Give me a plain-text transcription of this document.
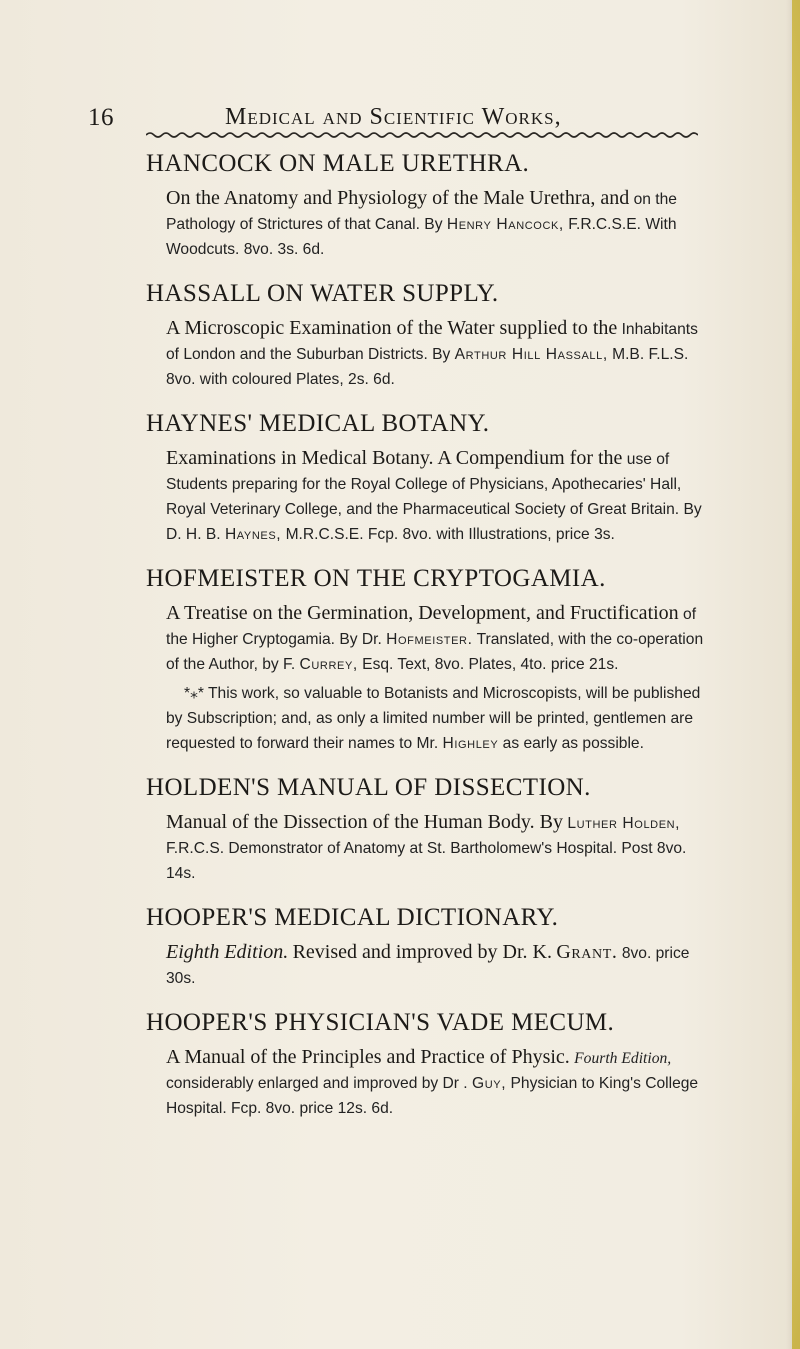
16	Medical and Scientific Works,
HANCOCK ON MALE URETHRA.
On the Anatomy and Physiology of the Male Urethra, and on the Pathology of Strictures of that Canal. By Henry Hancock, F.R.C.S.E. With Woodcuts. 8vo. 3s. 6d.
HASSALL ON WATER SUPPLY.
A Microscopic Examination of the Water supplied to the Inhabitants of London and the Suburban Districts. By Arthur Hill Hassall, M.B. F.L.S. 8vo. with coloured Plates, 2s. 6d.
HAYNES' MEDICAL BOTANY.
Examinations in Medical Botany. A Compendium for the use of Students preparing for the Royal College of Physicians, Apothecaries' Hall, Royal Veterinary College, and the Pharmaceutical Society of Great Britain. By D. H. B. Haynes, M.R.C.S.E. Fcp. 8vo. with Illustrations, price 3s.
HOFMEISTER ON THE CRYPTOGAMIA.
A Treatise on the Germination, Development, and Fructification of the Higher Cryptogamia. By Dr. Hofmeister. Translated, with the co-operation of the Author, by F. Currey, Esq. Text, 8vo. Plates, 4to. price 21s.
*⁎* This work, so valuable to Botanists and Microscopists, will be published by Subscription; and, as only a limited number will be printed, gentlemen are requested to forward their names to Mr. Highley as early as possible.
HOLDEN'S MANUAL OF DISSECTION.
Manual of the Dissection of the Human Body. By Luther Holden, F.R.C.S. Demonstrator of Anatomy at St. Bartholomew's Hospital. Post 8vo. 14s.
HOOPER'S MEDICAL DICTIONARY.
Eighth Edition. Revised and improved by Dr. K. Grant. 8vo. price 30s.
HOOPER'S PHYSICIAN'S VADE MECUM.
A Manual of the Principles and Practice of Physic. Fourth Edition, considerably enlarged and improved by Dr . Guy, Physician to King's College Hospital. Fcp. 8vo. price 12s. 6d.
